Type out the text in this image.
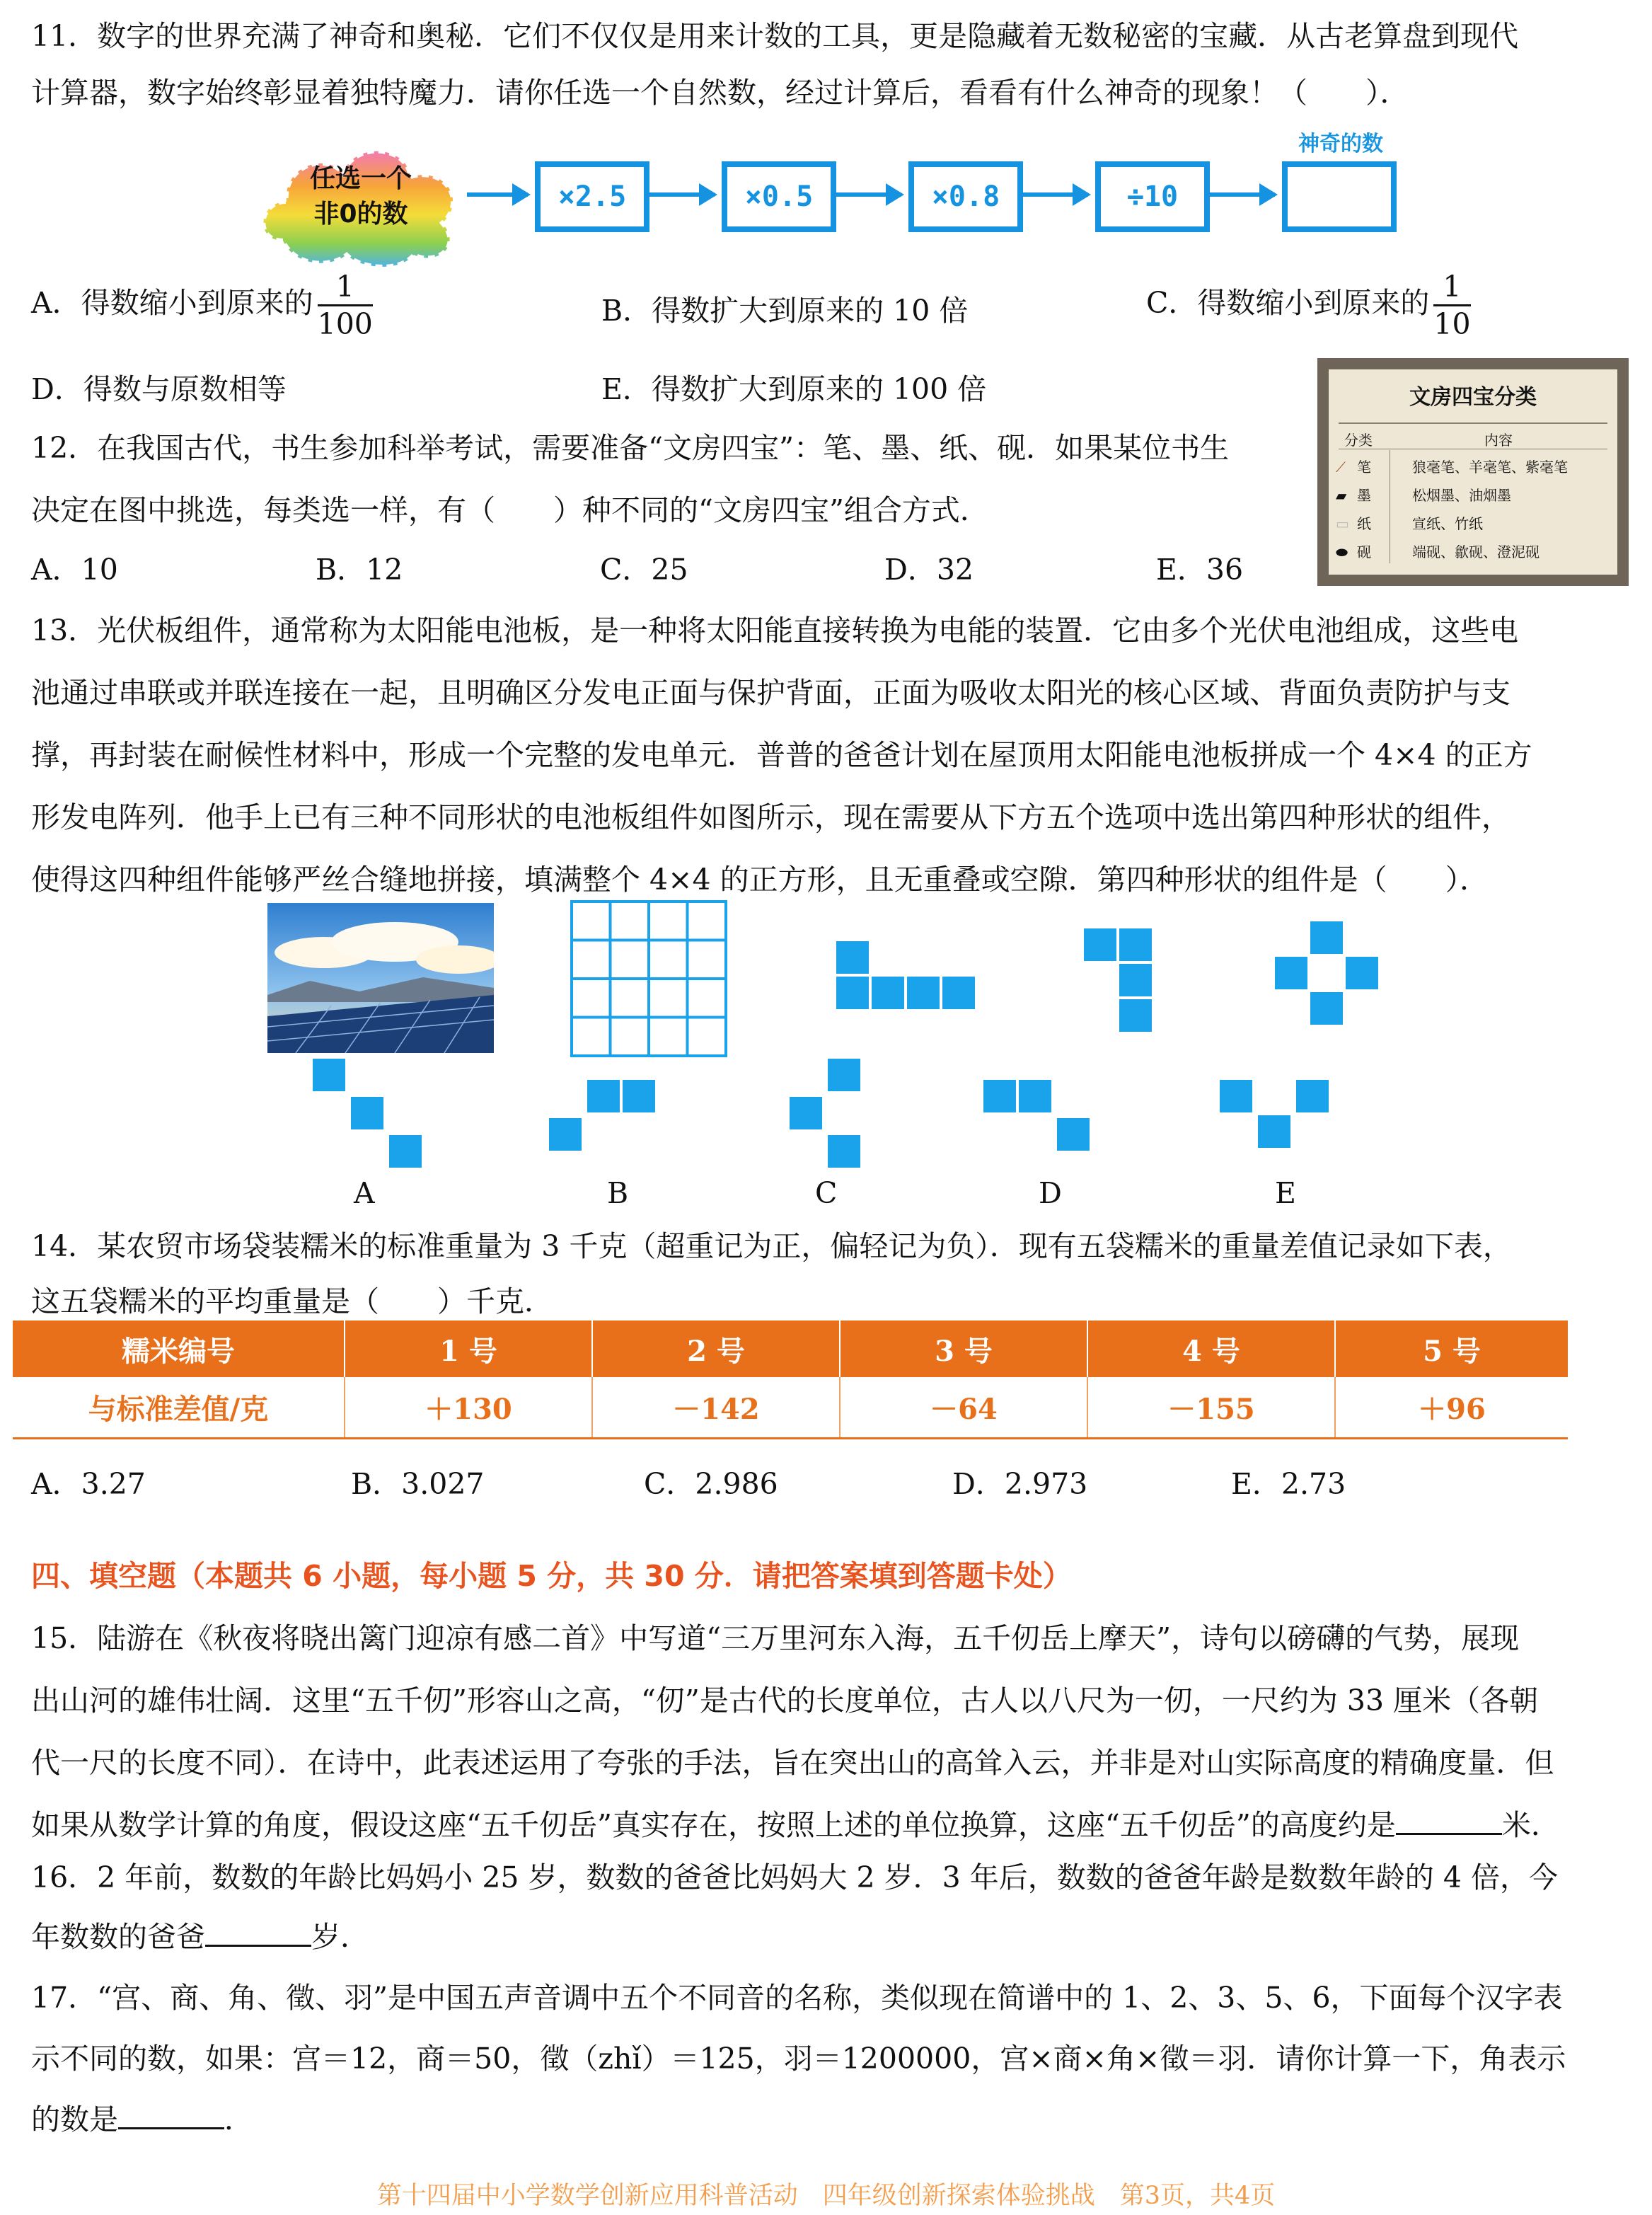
11．数字的世界充满了神奇和奥秘．它们不仅仅是用来计数的工具，更是隐藏着无数秘密的宝藏．从古老算盘到现代
计算器，数字始终彰显着独特魔力．请你任选一个自然数，经过计算后，看看有什么神奇的现象！（　　）．
任选一个
非0的数
×2.5	×0.5	×0.8	÷10
神奇的数
A．得数缩小到原来的 $\frac{1}{100}$	B．得数扩大到原来的 10 倍	C．得数缩小到原来的 $\frac{1}{10}$
D．得数与原数相等	E．得数扩大到原来的 100 倍
12．在我国古代，书生参加科举考试，需要准备“文房四宝”：笔、墨、纸、砚．如果某位书生
决定在图中挑选，每类选一样，有（　　）种不同的“文房四宝”组合方式．
A．10	B．12	C．25	D．32	E．36
文房四宝分类
分类	内容
⟋ 笔	狼毫笔、羊毫笔、紫毫笔
▰ 墨	松烟墨、油烟墨
▭ 纸	宣纸、竹纸
⬬ 砚	端砚、歙砚、澄泥砚
13．光伏板组件，通常称为太阳能电池板，是一种将太阳能直接转换为电能的装置．它由多个光伏电池组成，这些电
池通过串联或并联连接在一起，且明确区分发电正面与保护背面，正面为吸收太阳光的核心区域、背面负责防护与支
撑，再封装在耐候性材料中，形成一个完整的发电单元．普普的爸爸计划在屋顶用太阳能电池板拼成一个 4×4 的正方
形发电阵列．他手上已有三种不同形状的电池板组件如图所示，现在需要从下方五个选项中选出第四种形状的组件，
使得这四种组件能够严丝合缝地拼接，填满整个 4×4 的正方形，且无重叠或空隙．第四种形状的组件是（　　）．
A	B	C	D	E
14．某农贸市场袋装糯米的标准重量为 3 千克（超重记为正，偏轻记为负）．现有五袋糯米的重量差值记录如下表，
这五袋糯米的平均重量是（　　）千克．
糯米编号	1 号	2 号	3 号	4 号	5 号
与标准差值/克	＋130	－142	－64	－155	＋96
A．3.27	B．3.027	C．2.986	D．2.973	E．2.73
四、填空题（本题共 6 小题，每小题 5 分，共 30 分．请把答案填到答题卡处）
15．陆游在《秋夜将晓出篱门迎凉有感二首》中写道“三万里河东入海，五千仞岳上摩天”，诗句以磅礴的气势，展现
出山河的雄伟壮阔．这里“五千仞”形容山之高，“仞”是古代的长度单位，古人以八尺为一仞，一尺约为 33 厘米（各朝
代一尺的长度不同）．在诗中，此表述运用了夸张的手法，旨在突出山的高耸入云，并非是对山实际高度的精确度量．但
如果从数学计算的角度，假设这座“五千仞岳”真实存在，按照上述的单位换算，这座“五千仞岳”的高度约是	米．
16．2 年前，数数的年龄比妈妈小 25 岁，数数的爸爸比妈妈大 2 岁．3 年后，数数的爸爸年龄是数数年龄的 4 倍，今
年数数的爸爸	岁．
17．“宫、商、角、徵、羽”是中国五声音调中五个不同音的名称，类似现在简谱中的 1、2、3、5、6，下面每个汉字表
示不同的数，如果：宫＝12，商＝50，徵（zhǐ）＝125，羽＝1200000，宫×商×角×徵＝羽．请你计算一下，角表示
的数是	．
第十四届中小学数学创新应用科普活动　四年级创新探索体验挑战　第3页，共4页
